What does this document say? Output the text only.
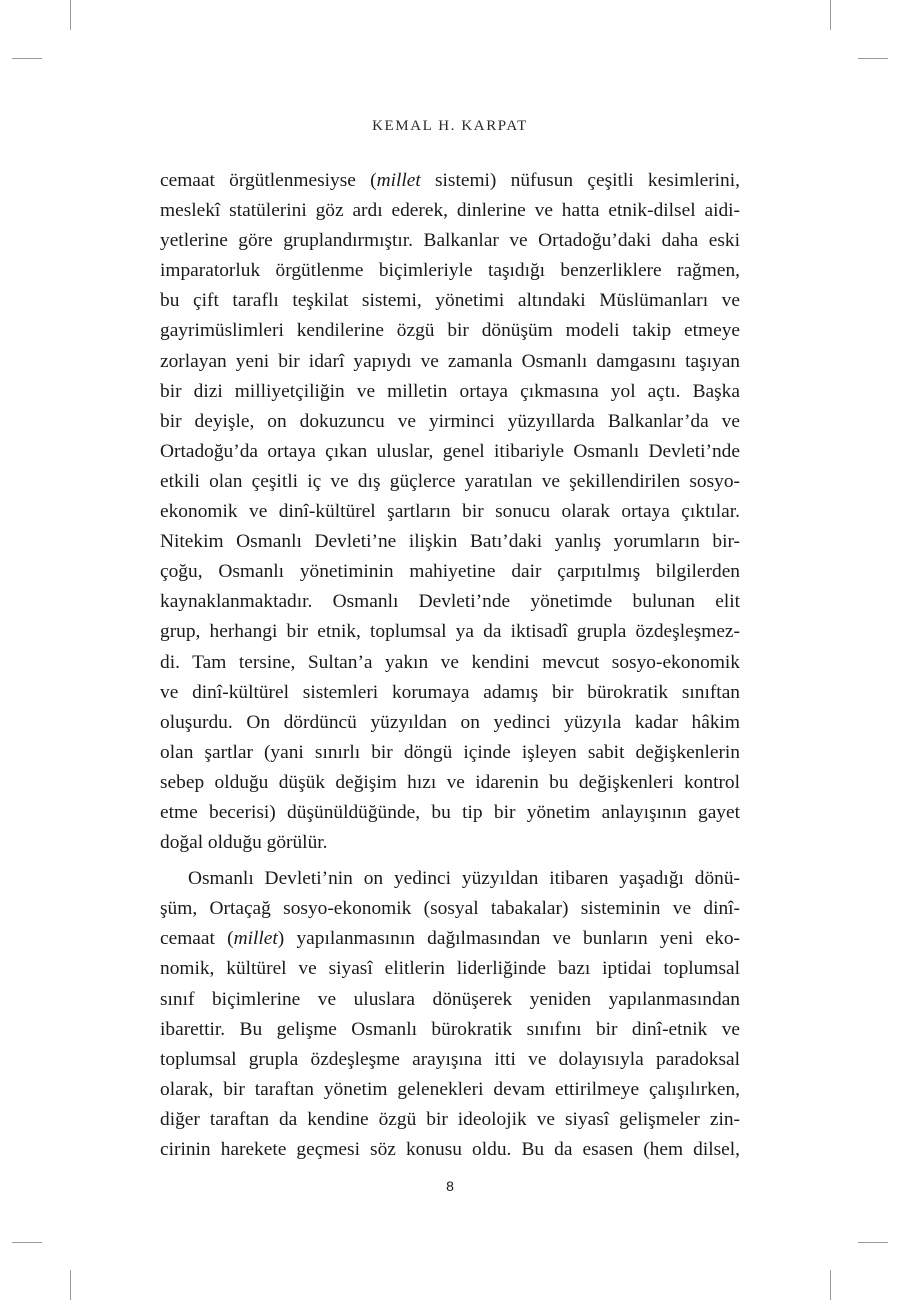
KEMAL H. KARPAT
cemaat örgütlenmesiyse (millet sistemi) nüfusun çeşitli kesimlerini,
meslekî statülerini göz ardı ederek, dinlerine ve hatta etnik-dilsel aidi-
yetlerine göre gruplandırmıştır. Balkanlar ve Ortadoğu’daki daha eski
imparatorluk örgütlenme biçimleriyle taşıdığı benzerliklere rağmen,
bu çift taraflı teşkilat sistemi, yönetimi altındaki Müslümanları ve
gayrimüslimleri kendilerine özgü bir dönüşüm modeli takip etmeye
zorlayan yeni bir idarî yapıydı ve zamanla Osmanlı damgasını taşıyan
bir dizi milliyetçiliğin ve milletin ortaya çıkmasına yol açtı. Başka
bir deyişle, on dokuzuncu ve yirminci yüzyıllarda Balkanlar’da ve
Ortadoğu’da ortaya çıkan uluslar, genel itibariyle Osmanlı Devleti’nde
etkili olan çeşitli iç ve dış güçlerce yaratılan ve şekillendirilen sosyo-
ekonomik ve dinî-kültürel şartların bir sonucu olarak ortaya çıktılar.
Nitekim Osmanlı Devleti’ne ilişkin Batı’daki yanlış yorumların bir-
çoğu, Osmanlı yönetiminin mahiyetine dair çarpıtılmış bilgilerden
kaynaklanmaktadır. Osmanlı Devleti’nde yönetimde bulunan elit
grup, herhangi bir etnik, toplumsal ya da iktisadî grupla özdeşleşmez-
di. Tam tersine, Sultan’a yakın ve kendini mevcut sosyo-ekonomik
ve dinî-kültürel sistemleri korumaya adamış bir bürokratik sınıftan
oluşurdu. On dördüncü yüzyıldan on yedinci yüzyıla kadar hâkim
olan şartlar (yani sınırlı bir döngü içinde işleyen sabit değişkenlerin
sebep olduğu düşük değişim hızı ve idarenin bu değişkenleri kontrol
etme becerisi) düşünüldüğünde, bu tip bir yönetim anlayışının gayet
doğal olduğu görülür.
Osmanlı Devleti’nin on yedinci yüzyıldan itibaren yaşadığı dönü-
şüm, Ortaçağ sosyo-ekonomik (sosyal tabakalar) sisteminin ve dinî-
cemaat (millet) yapılanmasının dağılmasından ve bunların yeni eko-
nomik, kültürel ve siyasî elitlerin liderliğinde bazı iptidai toplumsal
sınıf biçimlerine ve uluslara dönüşerek yeniden yapılanmasından
ibarettir. Bu gelişme Osmanlı bürokratik sınıfını bir dinî-etnik ve
toplumsal grupla özdeşleşme arayışına itti ve dolayısıyla paradoksal
olarak, bir taraftan yönetim gelenekleri devam ettirilmeye çalışılırken,
diğer taraftan da kendine özgü bir ideolojik ve siyasî gelişmeler zin-
cirinin harekete geçmesi söz konusu oldu. Bu da esasen (hem dilsel,
8
